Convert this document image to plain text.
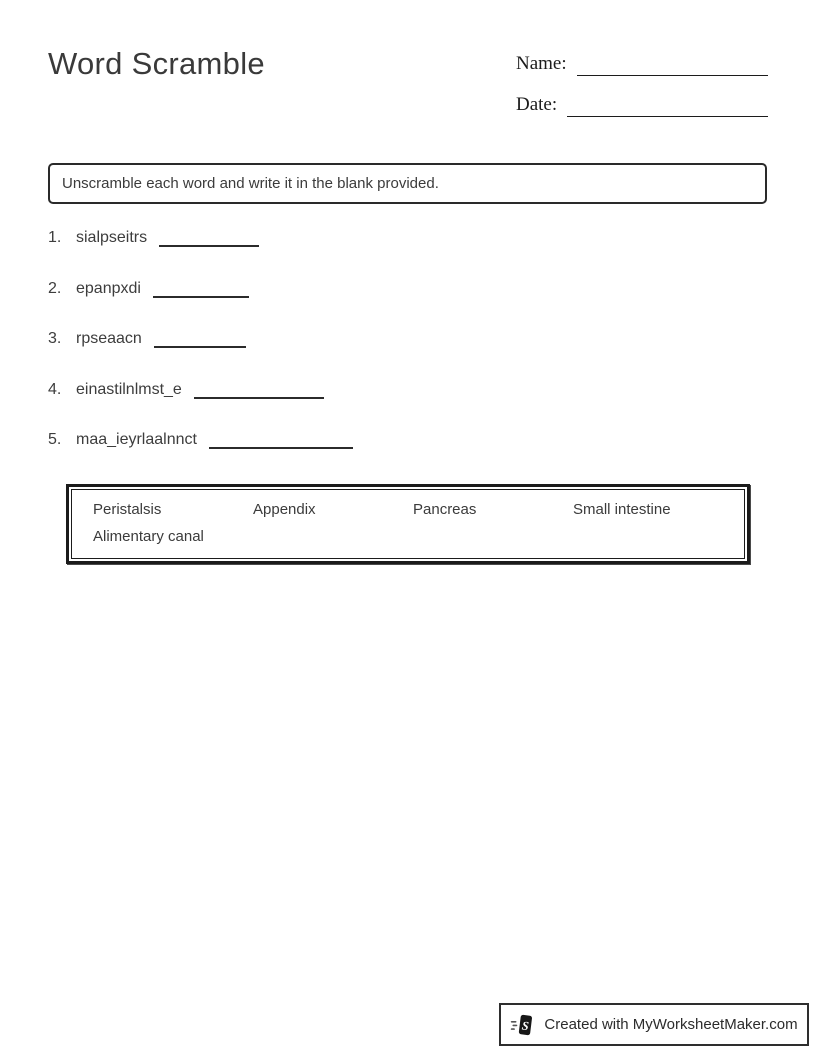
Word Scramble	Name:
Date:
Unscramble each word and write it in the blank provided.
1. sialpseitrs
2. epanpxdi
3. rpseaacn
4. einastilnlmst_e
5. maa_ieyrlaalnnct
Peristalsis	Appendix	Pancreas	Small intestine
Alimentary canal
S Created with MyWorksheetMaker.com
